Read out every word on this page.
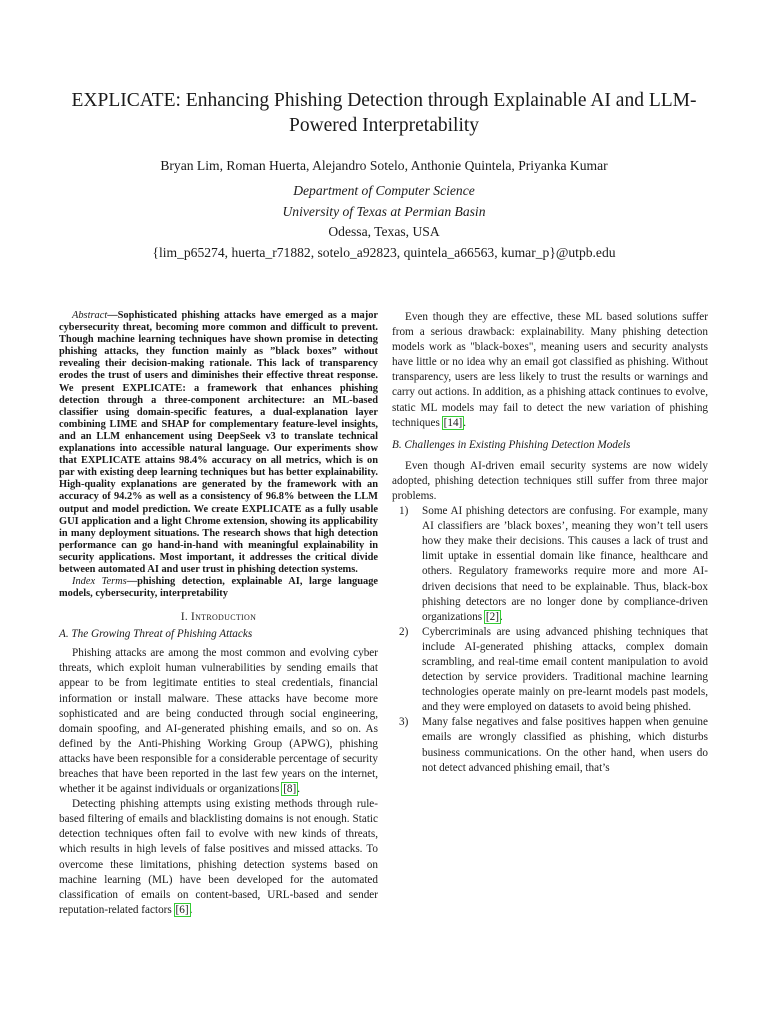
EXPLICATE: Enhancing Phishing Detection through Explainable AI and LLM-Powered Interpretability
Bryan Lim, Roman Huerta, Alejandro Sotelo, Anthonie Quintela, Priyanka Kumar
Department of Computer Science
University of Texas at Permian Basin
Odessa, Texas, USA
{lim_p65274, huerta_r71882, sotelo_a92823, quintela_a66563, kumar_p}@utpb.edu

Abstract—Sophisticated phishing attacks have emerged as a major cybersecurity threat, becoming more common and difficult to prevent. Though machine learning techniques have shown promise in detecting phishing attacks, they function mainly as ”black boxes” without revealing their decision-making rationale. This lack of transparency erodes the trust of users and diminishes their effective threat response. We present EXPLICATE: a framework that enhances phishing detection through a three-component architecture: an ML-based classifier using domain-specific features, a dual-explanation layer combining LIME and SHAP for complementary feature-level insights, and an LLM enhancement using DeepSeek v3 to translate technical explanations into accessible natural language. Our experiments show that EXPLICATE attains 98.4% accuracy on all metrics, which is on par with existing deep learning techniques but has better explainability. High-quality explanations are generated by the framework with an accuracy of 94.2% as well as a consistency of 96.8% between the LLM output and model prediction. We create EXPLICATE as a fully usable GUI application and a light Chrome extension, showing its applicability in many deployment situations. The research shows that high detection performance can go hand-in-hand with meaningful explainability in security applications. Most important, it addresses the critical divide between automated AI and user trust in phishing detection systems.

Index Terms—phishing detection, explainable AI, large language models, cybersecurity, interpretability

I. Introduction
A. The Growing Threat of Phishing Attacks

Phishing attacks are among the most common and evolving cyber threats, which exploit human vulnerabilities by sending emails that appear to be from legitimate entities to steal credentials, financial information or install malware. These attacks have become more sophisticated and are being conducted through social engineering, domain spoofing, and AI-generated phishing emails, and so on. As defined by the Anti-Phishing Working Group (APWG), phishing attacks have been responsible for a considerable percentage of security breaches that have been reported in the last few years on the internet, whether it be against individuals or organizations [8].

Detecting phishing attempts using existing methods through rule-based filtering of emails and blacklisting domains is not enough. Static detection techniques often fail to evolve with new kinds of threats, which results in high levels of false positives and missed attacks. To overcome these limitations, phishing detection systems based on machine learning (ML) have been developed for the automated classification of emails on content-based, URL-based and sender reputation-related factors [6].

Even though they are effective, these ML based solutions suffer from a serious drawback: explainability. Many phishing detection models work as "black-boxes", meaning users and security analysts have little or no idea why an email got classified as phishing. Without transparency, users are less likely to trust the results or warnings and carry out actions. In addition, as a phishing attack continues to evolve, static ML models may fail to detect the new variation of phishing techniques [14].

B. Challenges in Existing Phishing Detection Models

Even though AI-driven email security systems are now widely adopted, phishing detection techniques still suffer from three major problems.

1) Some AI phishing detectors are confusing. For example, many AI classifiers are ’black boxes’, meaning they won’t tell users how they make their decisions. This causes a lack of trust and limit uptake in essential domain like finance, healthcare and others. Regulatory frameworks require more and more AI-driven decisions that need to be explainable. Thus, black-box phishing detectors are no longer done by compliance-driven organizations [2].
2) Cybercriminals are using advanced phishing techniques that include AI-generated phishing attacks, complex domain scrambling, and real-time email content manipulation to avoid detection by service providers. Traditional machine learning technologies operate mainly on pre-learnt models past models, and they were employed on datasets to avoid being phished.
3) Many false negatives and false positives happen when genuine emails are wrongly classified as phishing, which disturbs business communications. On the other hand, when users do not detect advanced phishing email, that’s
